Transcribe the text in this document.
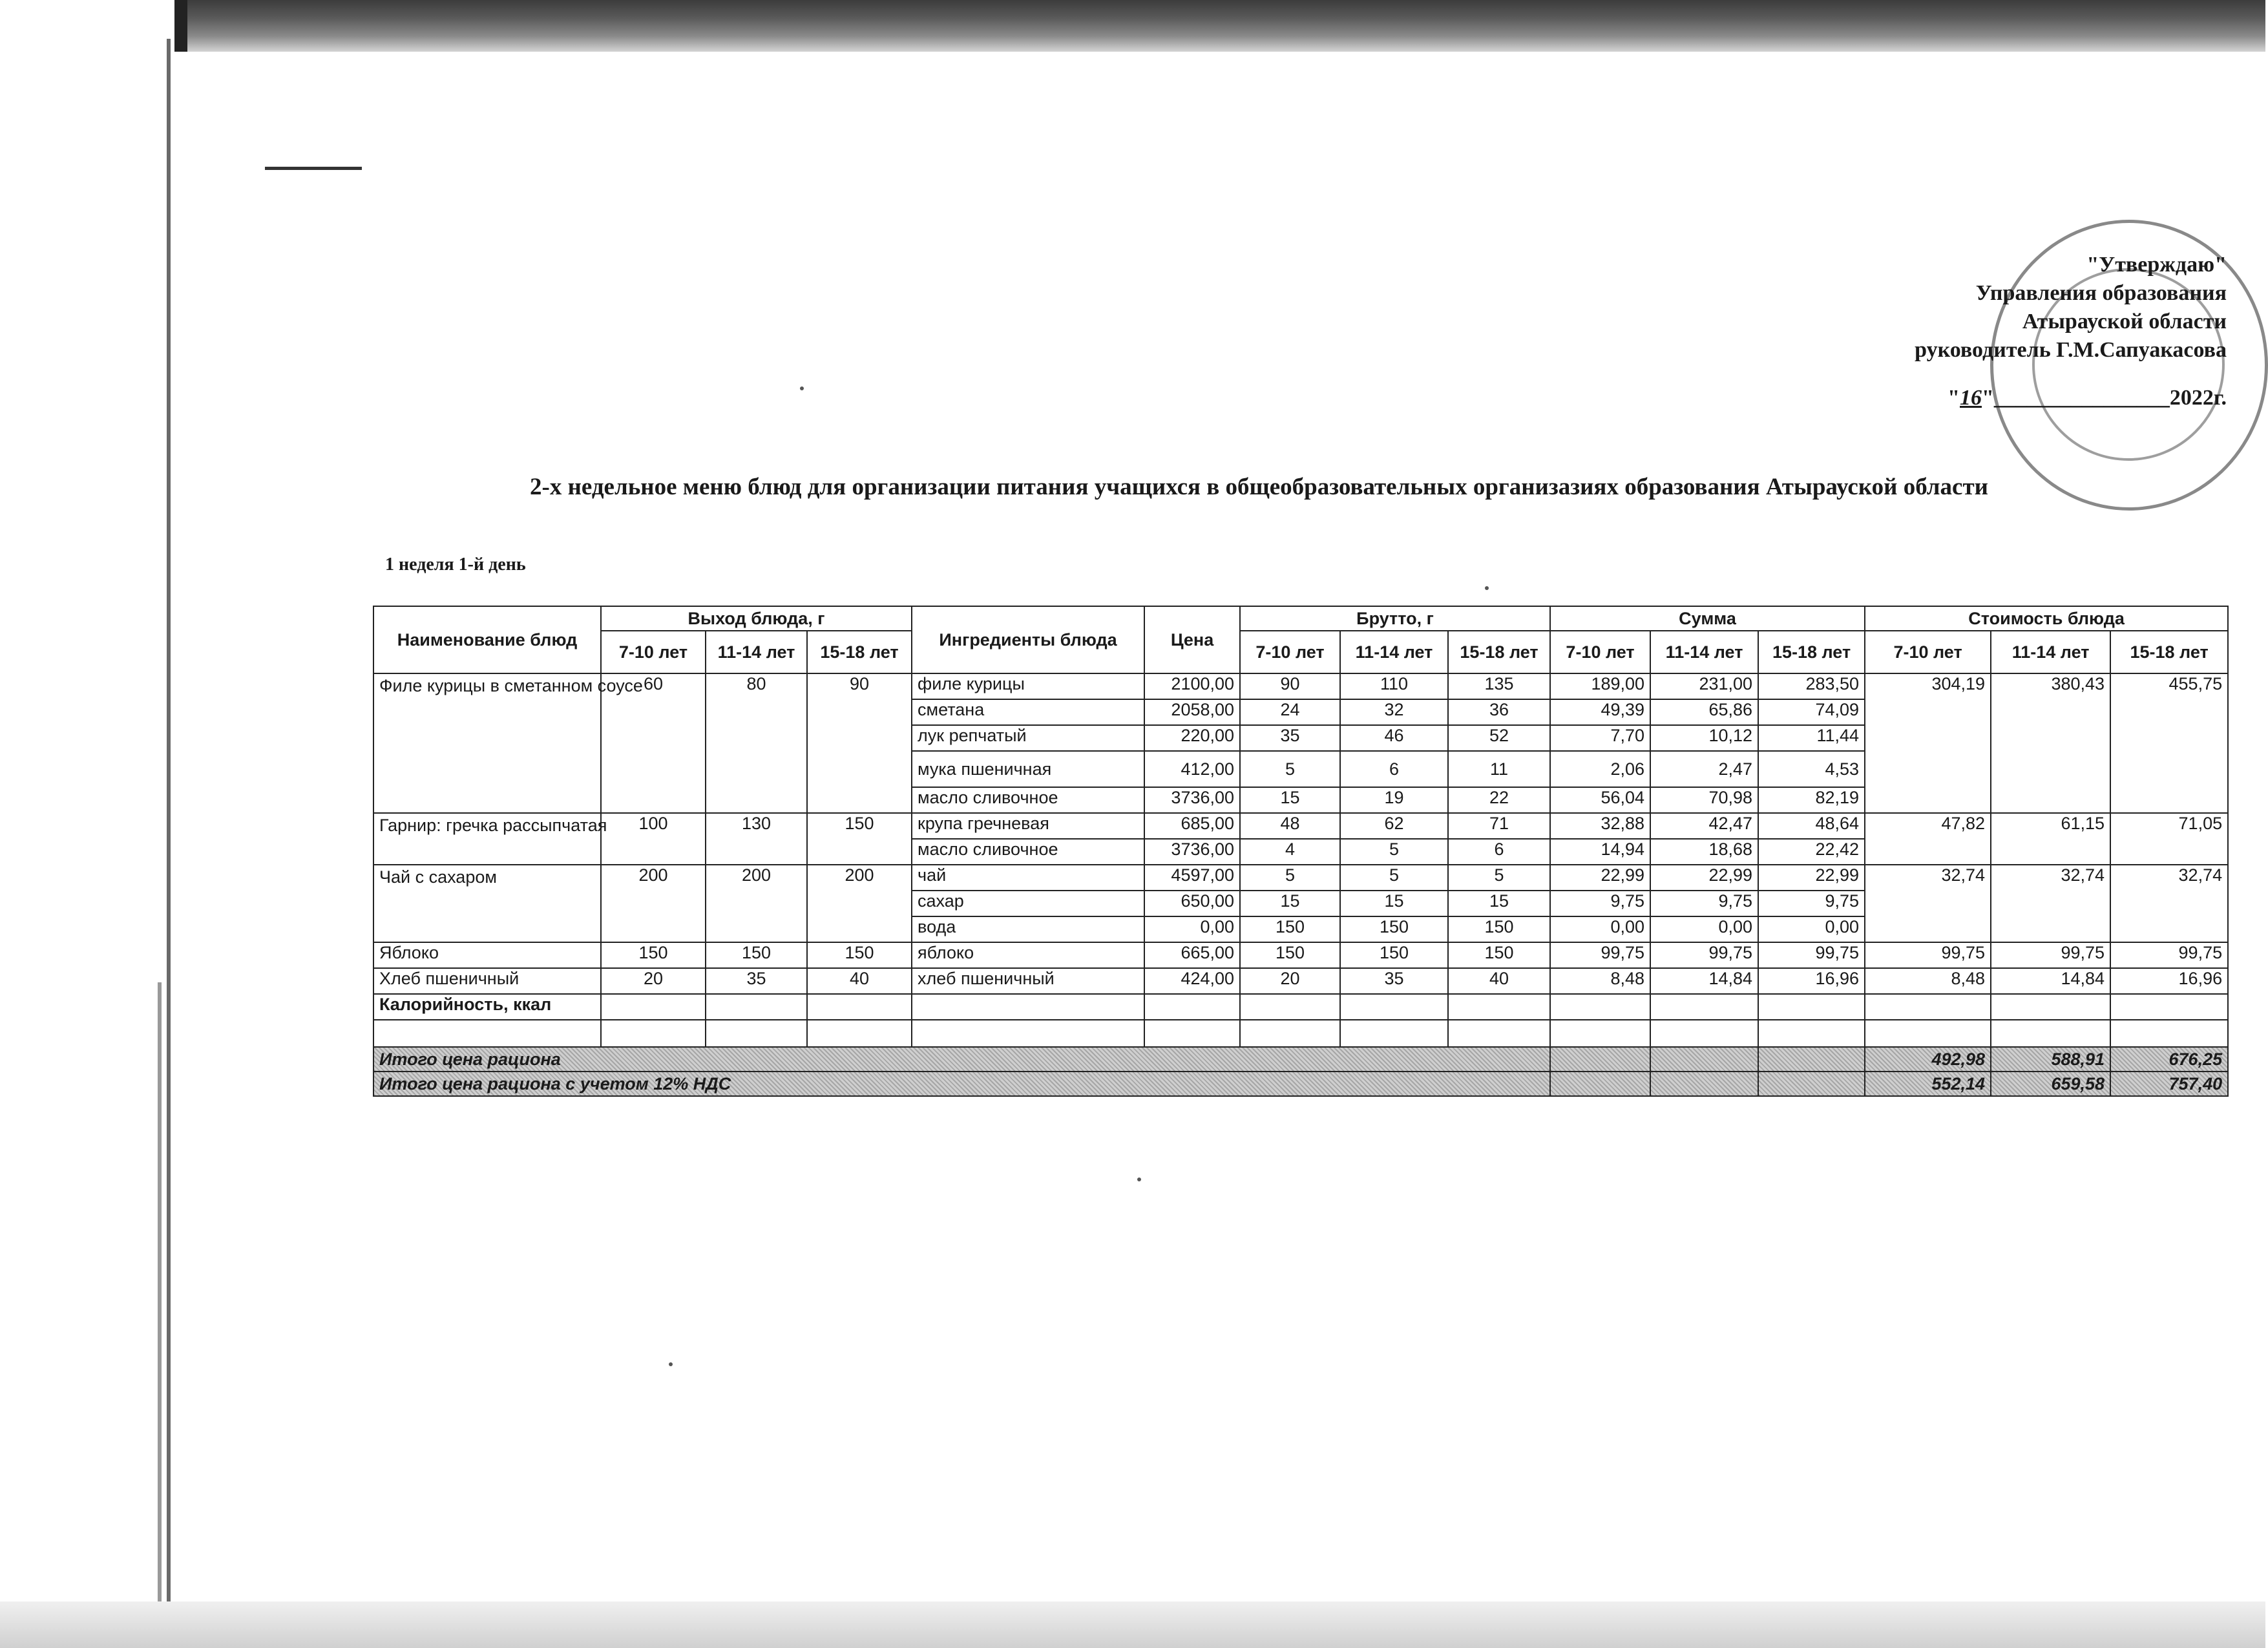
"Утверждаю"
Управления образования
Атырауской области
руководитель Г.М.Сапуакасова
"16"________________2022г.
2-х недельное меню блюд для организации питания учащихся в общеобразовательных организазиях образования Атырауской области
1 неделя 1-й день
Наименование блюд	Выход блюда, г			Ингредиенты блюда	Цена	Брутто, г			Сумма			Стоимость блюда		
	7-10 лет	11-14 лет	15-18 лет			7-10 лет	11-14 лет	15-18 лет	7-10 лет	11-14 лет	15-18 лет	7-10 лет	11-14 лет	15-18 лет
Филе курицы в сметанном соусе	60	80	90	филе курицы	2100,00	90	110	135	189,00	231,00	283,50	304,19	380,43	455,75
				сметана	2058,00	24	32	36	49,39	65,86	74,09			
				лук репчатый	220,00	35	46	52	7,70	10,12	11,44			
				мука пшеничная	412,00	5	6	11	2,06	2,47	4,53			
				масло сливочное	3736,00	15	19	22	56,04	70,98	82,19			
Гарнир: гречка рассыпчатая	100	130	150	крупа гречневая	685,00	48	62	71	32,88	42,47	48,64	47,82	61,15	71,05
				масло сливочное	3736,00	4	5	6	14,94	18,68	22,42			
Чай с сахаром	200	200	200	чай	4597,00	5	5	5	22,99	22,99	22,99	32,74	32,74	32,74
				сахар	650,00	15	15	15	9,75	9,75	9,75			
				вода	0,00	150	150	150	0,00	0,00	0,00			
Яблоко	150	150	150	яблоко	665,00	150	150	150	99,75	99,75	99,75	99,75	99,75	99,75
Хлеб пшеничный	20	35	40	хлеб пшеничный	424,00	20	35	40	8,48	14,84	16,96	8,48	14,84	16,96
Калорийность, ккал														

Итого цена рациона												492,98	588,91	676,25
Итого цена рациона с учетом 12% НДС												552,14	659,58	757,40
